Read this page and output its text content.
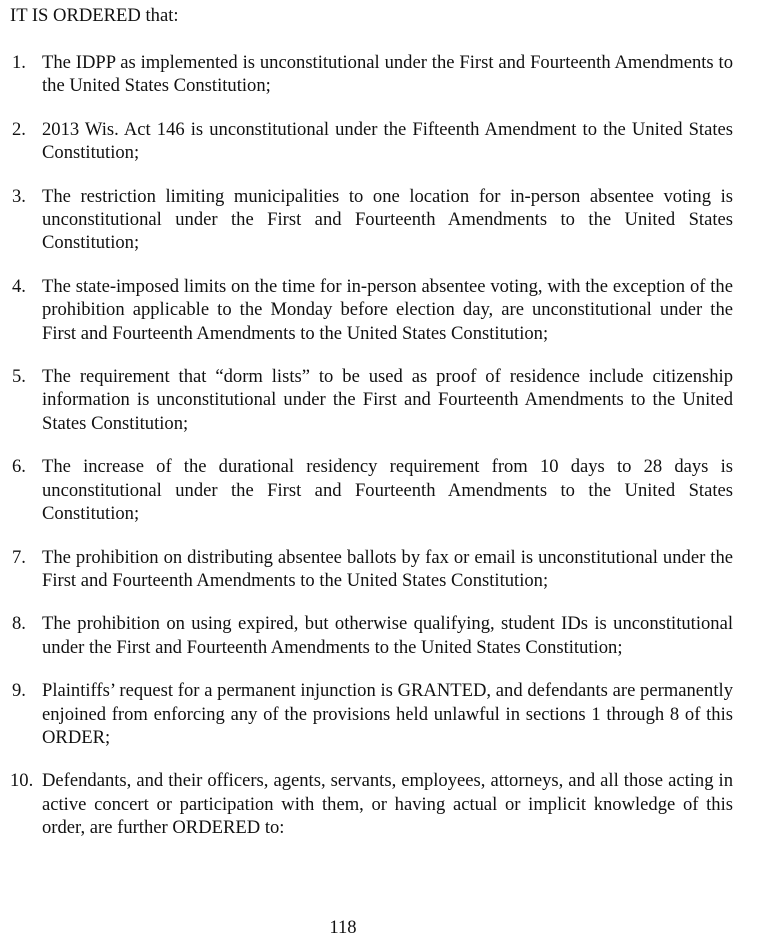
IT IS ORDERED that:

1. The IDPP as implemented is unconstitutional under the First and Fourteenth Amendments to the United States Constitution;
2. 2013 Wis. Act 146 is unconstitutional under the Fifteenth Amendment to the United States Constitution;
3. The restriction limiting municipalities to one location for in-person absentee voting is unconstitutional under the First and Fourteenth Amendments to the United States Constitution;
4. The state-imposed limits on the time for in-person absentee voting, with the exception of the prohibition applicable to the Monday before election day, are unconstitutional under the First and Fourteenth Amendments to the United States Constitution;
5. The requirement that “dorm lists” to be used as proof of residence include citizenship information is unconstitutional under the First and Fourteenth Amendments to the United States Constitution;
6. The increase of the durational residency requirement from 10 days to 28 days is unconstitutional under the First and Fourteenth Amendments to the United States Constitution;
7. The prohibition on distributing absentee ballots by fax or email is unconstitutional under the First and Fourteenth Amendments to the United States Constitution;
8. The prohibition on using expired, but otherwise qualifying, student IDs is unconstitutional under the First and Fourteenth Amendments to the United States Constitution;
9. Plaintiffs’ request for a permanent injunction is GRANTED, and defendants are permanently enjoined from enforcing any of the provisions held unlawful in sections 1 through 8 of this ORDER;
10. Defendants, and their officers, agents, servants, employees, attorneys, and all those acting in active concert or participation with them, or having actual or implicit knowledge of this order, are further ORDERED to:

118
